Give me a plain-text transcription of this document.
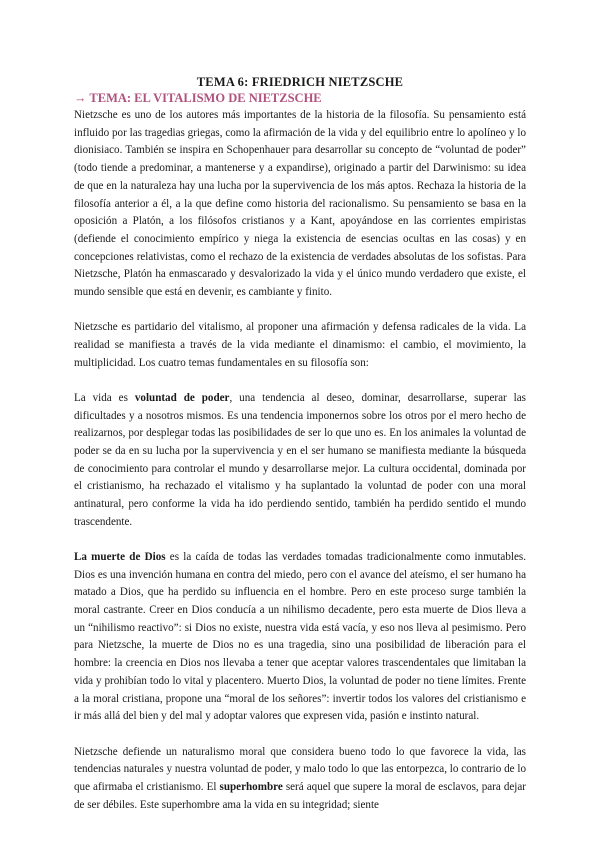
TEMA 6: FRIEDRICH NIETZSCHE
→ TEMA: EL VITALISMO DE NIETZSCHE

Nietzsche es uno de los autores más importantes de la historia de la filosofía. Su pensamiento está influido por las tragedias griegas, como la afirmación de la vida y del equilibrio entre lo apolíneo y lo dionisiaco. También se inspira en Schopenhauer para desarrollar su concepto de “voluntad de poder” (todo tiende a predominar, a mantenerse y a expandirse), originado a partir del Darwinismo: su idea de que en la naturaleza hay una lucha por la supervivencia de los más aptos. Rechaza la historia de la filosofía anterior a él, a la que define como historia del racionalismo. Su pensamiento se basa en la oposición a Platón, a los filósofos cristianos y a Kant, apoyándose en las corrientes empiristas (defiende el conocimiento empírico y niega la existencia de esencias ocultas en las cosas) y en concepciones relativistas, como el rechazo de la existencia de verdades absolutas de los sofistas. Para Nietzsche, Platón ha enmascarado y desvalorizado la vida y el único mundo verdadero que existe, el mundo sensible que está en devenir, es cambiante y finito.

Nietzsche es partidario del vitalismo, al proponer una afirmación y defensa radicales de la vida. La realidad se manifiesta a través de la vida mediante el dinamismo: el cambio, el movimiento, la multiplicidad. Los cuatro temas fundamentales en su filosofía son:

La vida es voluntad de poder, una tendencia al deseo, dominar, desarrollarse, superar las dificultades y a nosotros mismos. Es una tendencia imponernos sobre los otros por el mero hecho de realizarnos, por desplegar todas las posibilidades de ser lo que uno es. En los animales la voluntad de poder se da en su lucha por la supervivencia y en el ser humano se manifiesta mediante la búsqueda de conocimiento para controlar el mundo y desarrollarse mejor. La cultura occidental, dominada por el cristianismo, ha rechazado el vitalismo y ha suplantado la voluntad de poder con una moral antinatural, pero conforme la vida ha ido perdiendo sentido, también ha perdido sentido el mundo trascendente.

La muerte de Dios es la caída de todas las verdades tomadas tradicionalmente como inmutables. Dios es una invención humana en contra del miedo, pero con el avance del ateísmo, el ser humano ha matado a Dios, que ha perdido su influencia en el hombre. Pero en este proceso surge también la moral castrante. Creer en Dios conducía a un nihilismo decadente, pero esta muerte de Dios lleva a un “nihilismo reactivo”: si Dios no existe, nuestra vida está vacía, y eso nos lleva al pesimismo. Pero para Nietzsche, la muerte de Dios no es una tragedia, sino una posibilidad de liberación para el hombre: la creencia en Dios nos llevaba a tener que aceptar valores trascendentales que limitaban la vida y prohibían todo lo vital y placentero. Muerto Dios, la voluntad de poder no tiene límites. Frente a la moral cristiana, propone una “moral de los señores”: invertir todos los valores del cristianismo e ir más allá del bien y del mal y adoptar valores que expresen vida, pasión e instinto natural.

Nietzsche defiende un naturalismo moral que considera bueno todo lo que favorece la vida, las tendencias naturales y nuestra voluntad de poder, y malo todo lo que las entorpezca, lo contrario de lo que afirmaba el cristianismo. El superhombre será aquel que supere la moral de esclavos, para dejar de ser débiles. Este superhombre ama la vida en su integridad; siente
